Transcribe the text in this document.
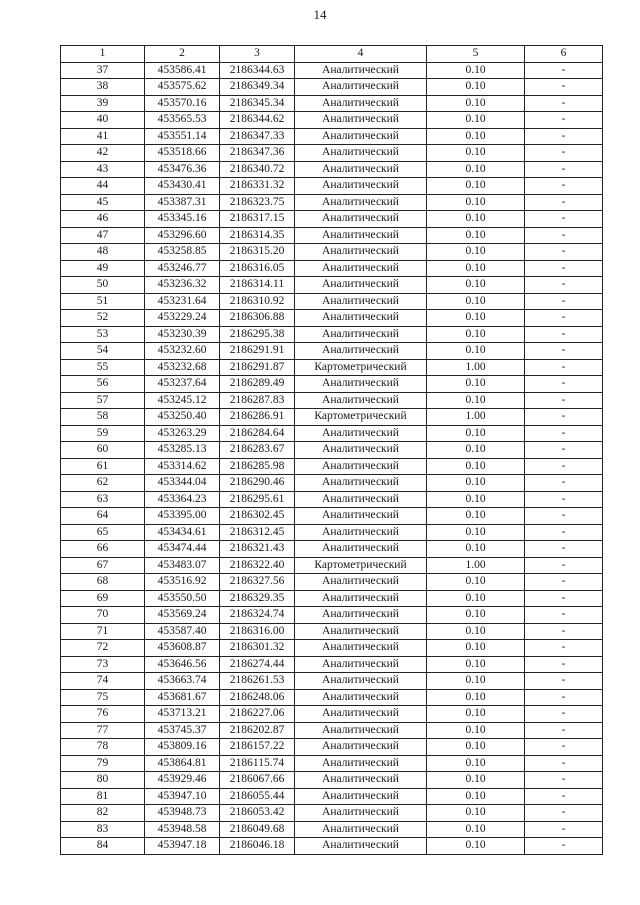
14
1	2	3	4	5	6
37	453586.41	2186344.63	Аналитический	0.10	-
38	453575.62	2186349.34	Аналитический	0.10	-
39	453570.16	2186345.34	Аналитический	0.10	-
40	453565.53	2186344.62	Аналитический	0.10	-
41	453551.14	2186347.33	Аналитический	0.10	-
42	453518.66	2186347.36	Аналитический	0.10	-
43	453476.36	2186340.72	Аналитический	0.10	-
44	453430.41	2186331.32	Аналитический	0.10	-
45	453387.31	2186323.75	Аналитический	0.10	-
46	453345.16	2186317.15	Аналитический	0.10	-
47	453296.60	2186314.35	Аналитический	0.10	-
48	453258.85	2186315.20	Аналитический	0.10	-
49	453246.77	2186316.05	Аналитический	0.10	-
50	453236.32	2186314.11	Аналитический	0.10	-
51	453231.64	2186310.92	Аналитический	0.10	-
52	453229.24	2186306.88	Аналитический	0.10	-
53	453230.39	2186295.38	Аналитический	0.10	-
54	453232.60	2186291.91	Аналитический	0.10	-
55	453232.68	2186291.87	Картометрический	1.00	-
56	453237.64	2186289.49	Аналитический	0.10	-
57	453245.12	2186287.83	Аналитический	0.10	-
58	453250.40	2186286.91	Картометрический	1.00	-
59	453263.29	2186284.64	Аналитический	0.10	-
60	453285.13	2186283.67	Аналитический	0.10	-
61	453314.62	2186285.98	Аналитический	0.10	-
62	453344.04	2186290.46	Аналитический	0.10	-
63	453364.23	2186295.61	Аналитический	0.10	-
64	453395.00	2186302.45	Аналитический	0.10	-
65	453434.61	2186312.45	Аналитический	0.10	-
66	453474.44	2186321.43	Аналитический	0.10	-
67	453483.07	2186322.40	Картометрический	1.00	-
68	453516.92	2186327.56	Аналитический	0.10	-
69	453550.50	2186329.35	Аналитический	0.10	-
70	453569.24	2186324.74	Аналитический	0.10	-
71	453587.40	2186316.00	Аналитический	0.10	-
72	453608.87	2186301.32	Аналитический	0.10	-
73	453646.56	2186274.44	Аналитический	0.10	-
74	453663.74	2186261.53	Аналитический	0.10	-
75	453681.67	2186248.06	Аналитический	0.10	-
76	453713.21	2186227.06	Аналитический	0.10	-
77	453745.37	2186202.87	Аналитический	0.10	-
78	453809.16	2186157.22	Аналитический	0.10	-
79	453864.81	2186115.74	Аналитический	0.10	-
80	453929.46	2186067.66	Аналитический	0.10	-
81	453947.10	2186055.44	Аналитический	0.10	-
82	453948.73	2186053.42	Аналитический	0.10	-
83	453948.58	2186049.68	Аналитический	0.10	-
84	453947.18	2186046.18	Аналитический	0.10	-
